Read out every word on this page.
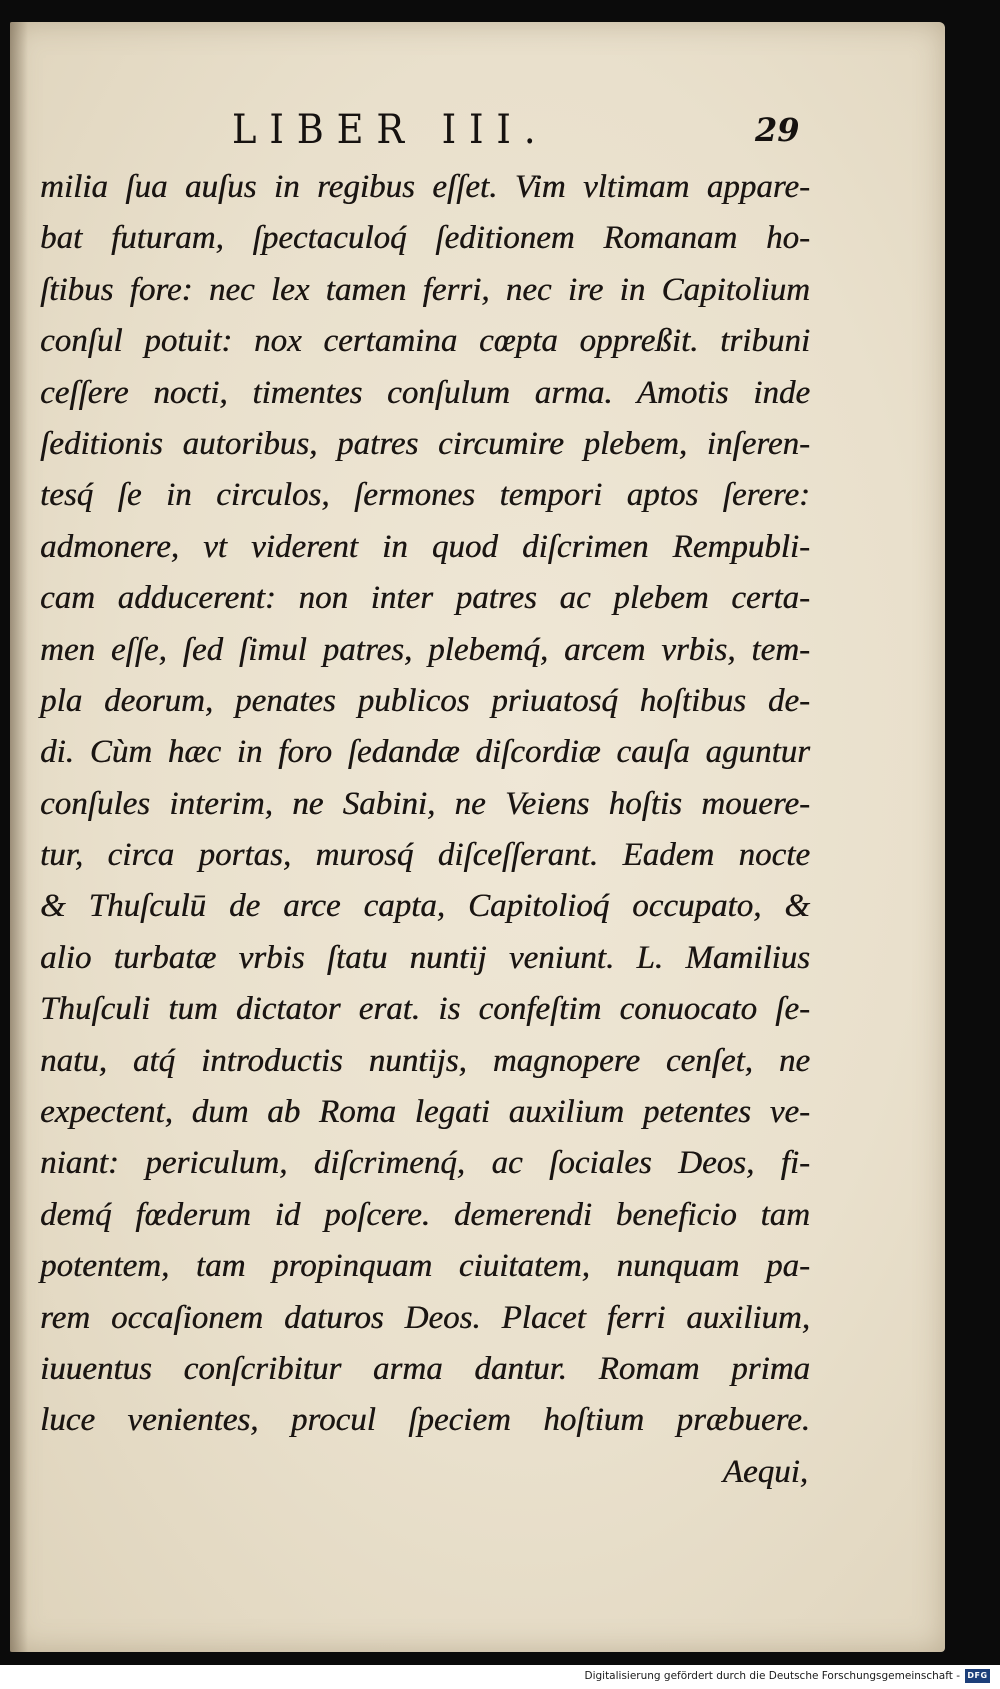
LIBER III.	29
milia ſua auſus in regibus eſſet. Vim vltimam appare-
bat futuram, ſpectaculoq́ ſeditionem Romanam ho-
ſtibus fore: nec lex tamen ferri, nec ire in Capitolium
conſul potuit: nox certamina cœpta oppreßit. tribuni
ceſſere nocti, timentes conſulum arma. Amotis inde
ſeditionis autoribus, patres circumire plebem, inſeren-
tesq́ ſe in circulos, ſermones tempori aptos ſerere:
admonere, vt viderent in quod diſcrimen Rempubli-
cam adducerent: non inter patres ac plebem certa-
men eſſe, ſed ſimul patres, plebemq́, arcem vrbis, tem-
pla deorum, penates publicos priuatosq́ hoſtibus de-
di. Cùm hæc in foro ſedandæ diſcordiæ cauſa aguntur
conſules interim, ne Sabini, ne Veiens hoſtis mouere-
tur, circa portas, murosq́ diſceſſerant. Eadem nocte
& Thuſculū de arce capta, Capitolioq́ occupato, &
alio turbatæ vrbis ſtatu nuntij veniunt. L. Mamilius
Thuſculi tum dictator erat. is confeſtim conuocato ſe-
natu, atq́ introductis nuntijs, magnopere cenſet, ne
expectent, dum ab Roma legati auxilium petentes ve-
niant: periculum, diſcrimenq́, ac ſociales Deos, fi-
demq́ fœderum id poſcere. demerendi beneficio tam
potentem, tam propinquam ciuitatem, nunquam pa-
rem occaſionem daturos Deos. Placet ferri auxilium,
iuuentus conſcribitur arma dantur. Romam prima
luce venientes, procul ſpeciem hoſtium præbuere.
Aequi,
Digitalisierung gefördert durch die Deutsche Forschungsgemeinschaft - DFG
